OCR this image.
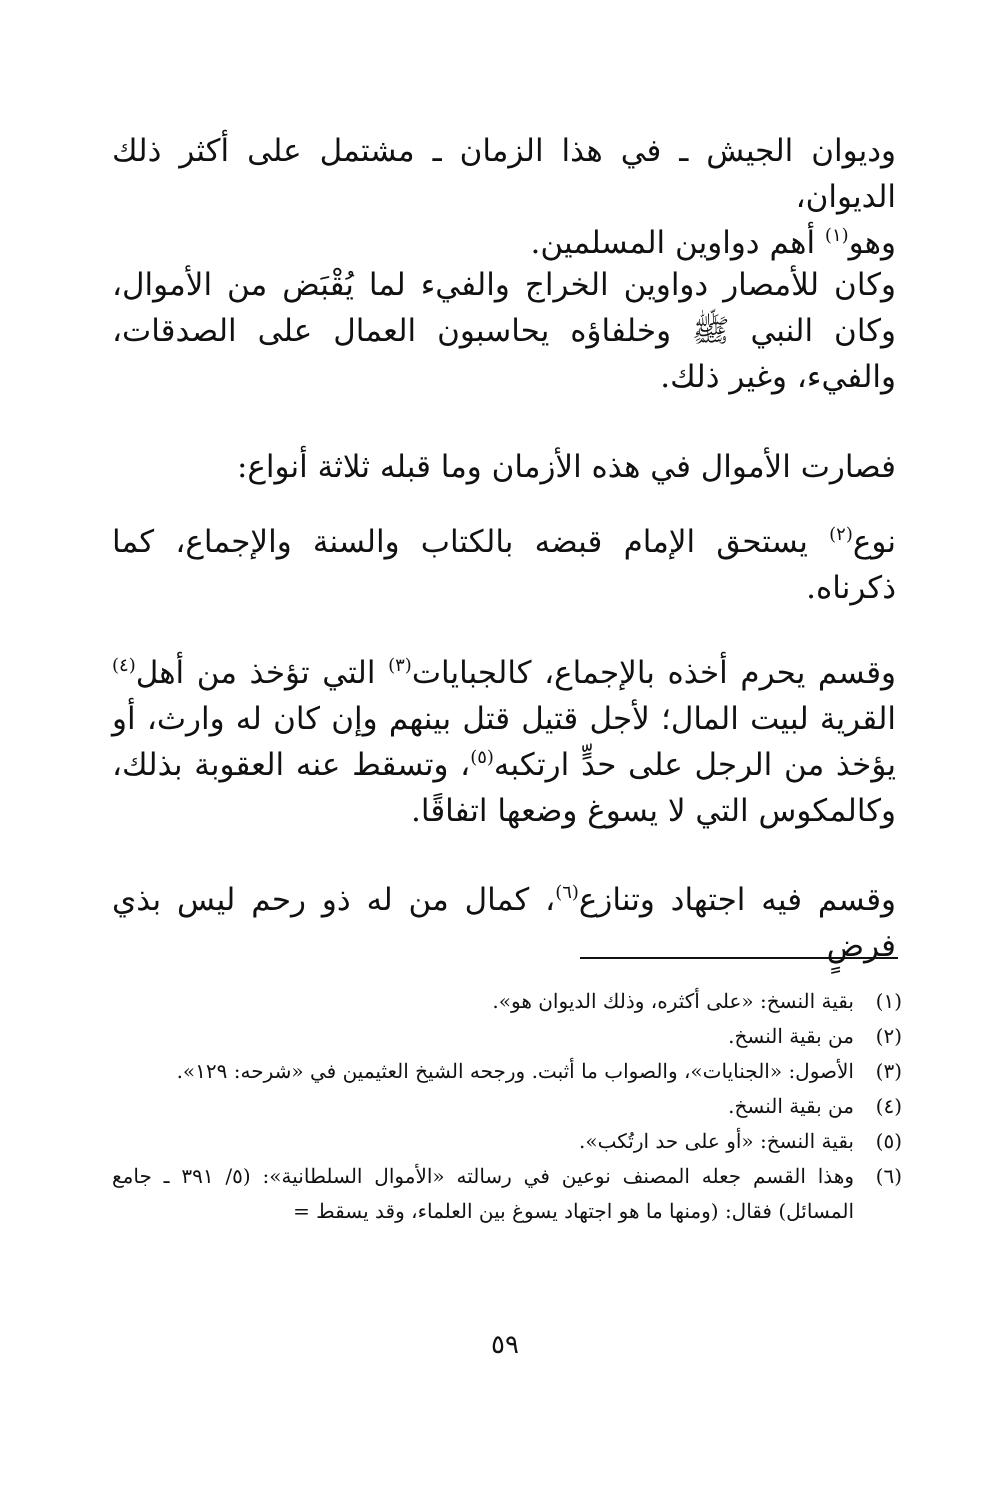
وديوان الجيش ـ في هذا الزمان ـ مشتمل على أكثر ذلك الديوان،
وهو$^{(١)}$ أهم دواوين المسلمين.
وكان للأمصار دواوين الخراج والفيء لما يُقْبَض من الأموال، وكان النبي ﷺ وخلفاؤه يحاسبون العمال على الصدقات، والفيء، وغير ذلك.
فصارت الأموال في هذه الأزمان وما قبله ثلاثة أنواع:
نوع$^{(٢)}$ يستحق الإمام قبضه بالكتاب والسنة والإجماع، كما ذكرناه.
وقسم يحرم أخذه بالإجماع، كالجبايات$^{(٣)}$ التي تؤخذ من أهل$^{(٤)}$ القرية لبيت المال؛ لأجل قتيل قتل بينهم وإن كان له وارث، أو يؤخذ من الرجل على حدٍّ ارتكبه$^{(٥)}$، وتسقط عنه العقوبة بذلك، وكالمكوس التي لا يسوغ وضعها اتفاقًا.
وقسم فيه اجتهاد وتنازع$^{(٦)}$، كمال من له ذو رحم ليس بذي فرضٍ
(١)
بقية النسخ: «على أكثره، وذلك الديوان هو».
(٢)
من بقية النسخ.
(٣)
الأصول: «الجنايات»، والصواب ما أثبت. ورجحه الشيخ العثيمين في «شرحه: ١٢٩».
(٤)
من بقية النسخ.
(٥)
بقية النسخ: «أو على حد ارتُكب».
(٦)
وهذا القسم جعله المصنف نوعين في رسالته «الأموال السلطانية»: (٥/ ٣٩١ ـ جامع المسائل) فقال: (ومنها ما هو اجتهاد يسوغ بين العلماء، وقد يسقط =
٥٩
